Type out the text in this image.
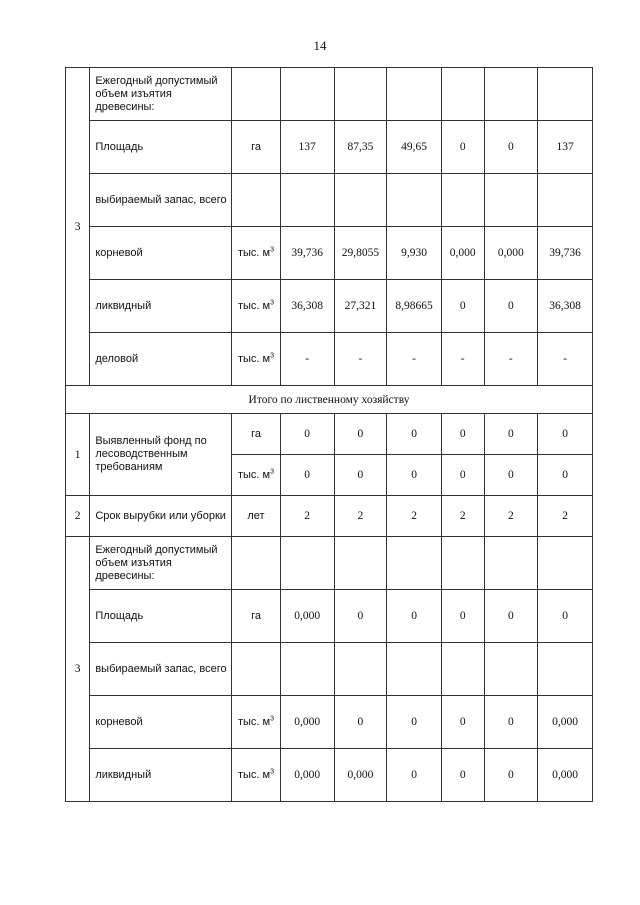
14
3	Ежегодный допустимый объем изъятия древесины:							
	Площадь	га	137	87,35	49,65	0	0	137
	выбираемый запас, всего							
	корневой	тыс. $м^3$	39,736	29,8055	9,930	0,000	0,000	39,736
	ликвидный	тыс. $м^3$	36,308	27,321	8,98665	0	0	36,308
	деловой	тыс. $м^3$	-	-	-	-	-	-
Итого по лиственному хозяйству								
1	Выявленный фонд по лесоводственным требованиям	га	0	0	0	0	0	0
		тыс. $м^3$	0	0	0	0	0	0
2	Срок вырубки или уборки	лет	2	2	2	2	2	2
3	Ежегодный допустимый объем изъятия древесины:							
	Площадь	га	0,000	0	0	0	0	0
	выбираемый запас, всего							
	корневой	тыс. $м^3$	0,000	0	0	0	0	0,000
	ликвидный	тыс. $м^3$	0,000	0,000	0	0	0	0,000
